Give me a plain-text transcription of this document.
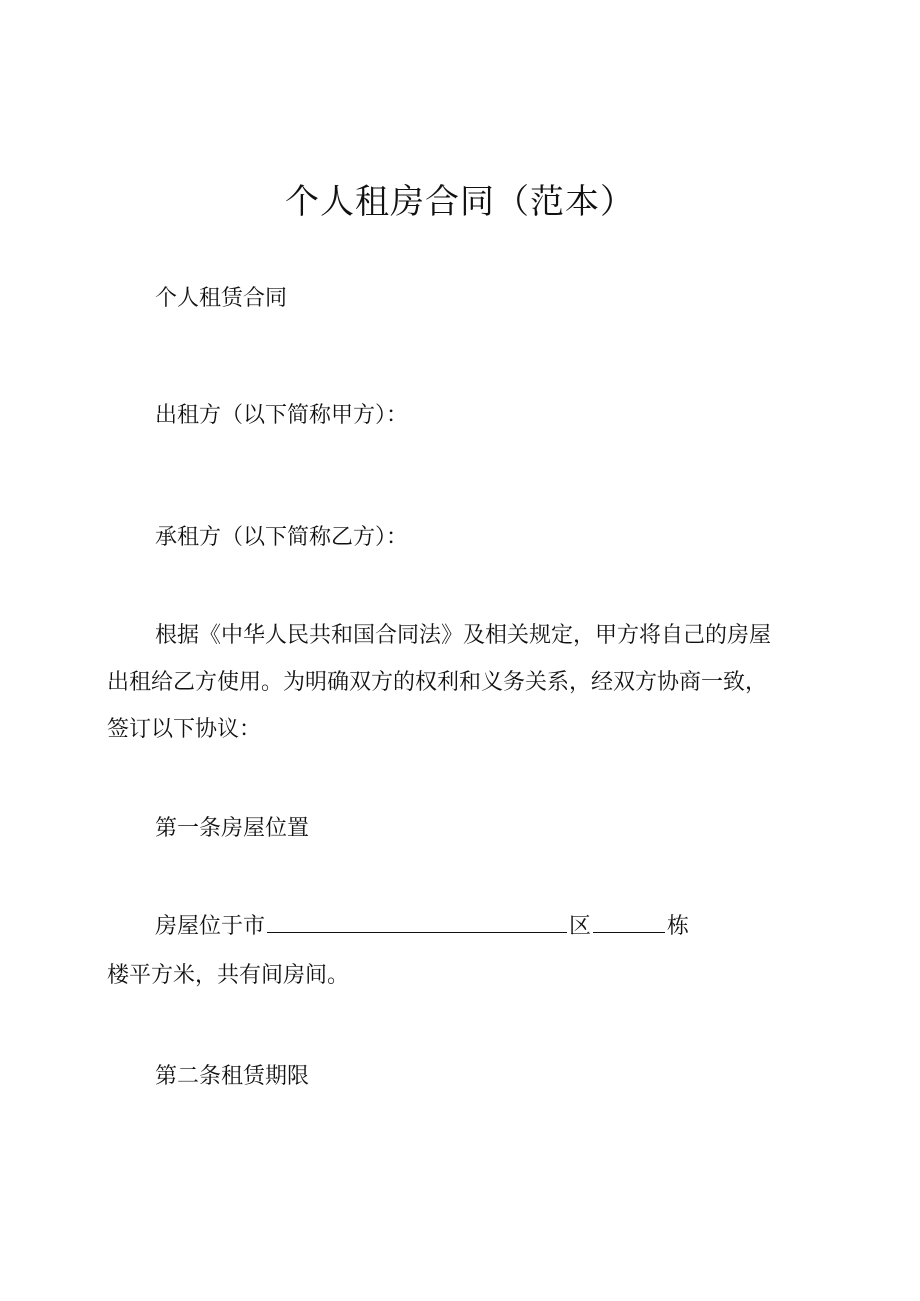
个人租房合同（范本）
个人租赁合同
出租方（以下简称甲方）：
承租方（以下简称乙方）：
根据《中华人民共和国合同法》及相关规定，甲方将自己的房屋
出租给乙方使用。为明确双方的权利和义务关系，经双方协商一致，
签订以下协议：
第一条房屋位置
房屋位于市	区	栋
楼平方米，共有间房间。
第二条租赁期限
